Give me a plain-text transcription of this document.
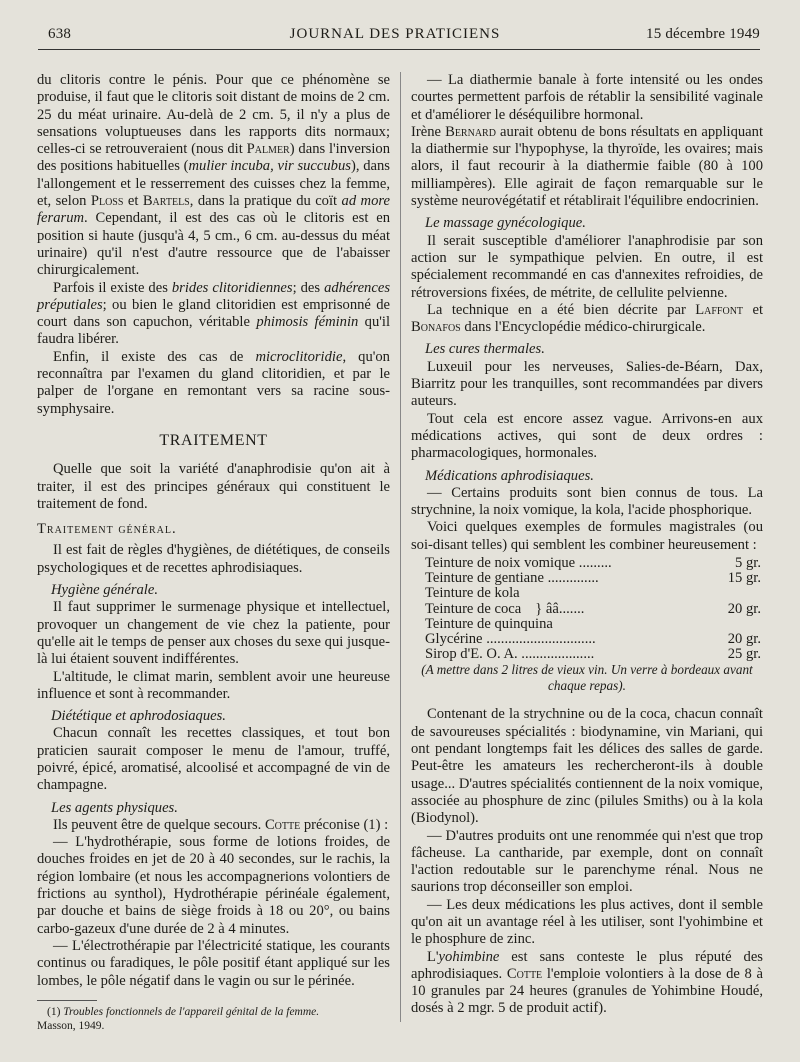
638	JOURNAL DES PRATICIENS	15 décembre 1949

du clitoris contre le pénis. Pour que ce phénomène se produise, il faut que le clitoris soit distant de moins de 2 cm. 25 du méat urinaire. Au-delà de 2 cm. 5, il n'y a plus de sensations voluptueuses dans les rapports dits normaux; celles-ci se retrouveraient (nous dit Palmer) dans l'inversion des positions habituelles (mulier incuba, vir succubus), dans l'allongement et le resserrement des cuisses chez la femme, et, selon Ploss et Bartels, dans la pratique du coït ad more ferarum. Cependant, il est des cas où le clitoris est en position si haute (jusqu'à 4, 5 cm., 6 cm. au-dessus du méat urinaire) qu'il n'est d'autre ressource que de l'abaisser chirurgicalement.

Parfois il existe des brides clitoridiennes; des adhérences préputiales; ou bien le gland clitoridien est emprisonné de court dans son capuchon, véritable phimosis féminin qu'il faudra libérer.

Enfin, il existe des cas de microclitoridie, qu'on reconnaîtra par l'examen du gland clitoridien, et par le palper de l'organe en remontant vers sa racine sous-symphysaire.

TRAITEMENT

Quelle que soit la variété d'anaphrodisie qu'on ait à traiter, il est des principes généraux qui constituent le traitement de fond.

Traitement général.

Il est fait de règles d'hygiènes, de diététiques, de conseils psychologiques et de recettes aphrodisiaques.

Hygiène générale.

Il faut supprimer le surmenage physique et intellectuel, provoquer un changement de vie chez la patiente, pour qu'elle ait le temps de penser aux choses du sexe qui jusque-là lui étaient souvent indifférentes.

L'altitude, le climat marin, semblent avoir une heureuse influence et sont à recommander.

Diététique et aphrodosiaques.

Chacun connaît les recettes classiques, et tout bon praticien saurait composer le menu de l'amour, truffé, poivré, épicé, aromatisé, alcoolisé et accompagné de vin de champagne.

Les agents physiques.

Ils peuvent être de quelque secours. Cotte préconise (1) :

— L'hydrothérapie, sous forme de lotions froides, de douches froides en jet de 20 à 40 secondes, sur le rachis, la région lombaire (et nous les accompagnerions volontiers de frictions au synthol), Hydrothérapie périnéale également, par douche et bains de siège froids à 18 ou 20°, ou bains carbo-gazeux d'une durée de 2 à 4 minutes.

— L'électrothérapie par l'électricité statique, les courants continus ou faradiques, le pôle positif étant appliqué sur les lombes, le pôle négatif dans le vagin ou sur le périnée.

(1) Troubles fonctionnels de l'appareil génital de la femme.
Masson, 1949.

— La diathermie banale à forte intensité ou les ondes courtes permettent parfois de rétablir la sensibilité vaginale et d'améliorer le déséquilibre hormonal.

Irène Bernard aurait obtenu de bons résultats en appliquant la diathermie sur l'hypophyse, la thyroïde, les ovaires; mais alors, il faut recourir à la diathermie faible (80 à 100 milliampères). Elle agirait de façon remarquable sur le système neurovégétatif et rétablirait l'équilibre endocrinien.

Le massage gynécologique.

Il serait susceptible d'améliorer l'anaphrodisie par son action sur le sympathique pelvien. En outre, il est spécialement recommandé en cas d'annexites refroidies, de rétroversions fixées, de métrite, de cellulite pelvienne.

La technique en a été bien décrite par Laffont et Bonafos dans l'Encyclopédie médico-chirurgicale.

Les cures thermales.

Luxeuil pour les nerveuses, Salies-de-Béarn, Dax, Biarritz pour les tranquilles, sont recommandées par divers auteurs.

Tout cela est encore assez vague. Arrivons-en aux médications actives, qui sont de deux ordres : pharmacologiques, hormonales.

Médications aphrodisiaques.

— Certains produits sont bien connus de tous. La strychnine, la noix vomique, la kola, l'acide phosphorique.

Voici quelques exemples de formules magistrales (ou soi-disant telles) qui semblent les combiner heureusement :

Teinture de noix vomique .........	5 gr.
Teinture de gentiane ..............	15 gr.
Teinture de kola	
Teinture de coca } ââ.......	20 gr.
Teinture de quinquina	
Glycérine ..............................	20 gr.
Sirop d'E. O. A. ....................	25 gr.

(A mettre dans 2 litres de vieux vin. Un verre à bordeaux avant chaque repas).

Contenant de la strychnine ou de la coca, chacun connaît de savoureuses spécialités : biodynamine, vin Mariani, qui ont pendant longtemps fait les délices des salles de garde. Peut-être les amateurs les rechercheront-ils à double usage... D'autres spécialités contiennent de la noix vomique, associée au phosphure de zinc (pilules Smiths) ou à la kola (Biodynol).

— D'autres produits ont une renommée qui n'est que trop fâcheuse. La cantharide, par exemple, dont on connaît l'action redoutable sur le parenchyme rénal. Nous ne saurions trop déconseiller son emploi.

— Les deux médications les plus actives, dont il semble qu'on ait un avantage réel à les utiliser, sont l'yohimbine et le phosphure de zinc.

L'yohimbine est sans conteste le plus réputé des aphrodisiaques. Cotte l'emploie volontiers à la dose de 8 à 10 granules par 24 heures (granules de Yohimbine Houdé, dosés à 2 mgr. 5 de produit actif).
